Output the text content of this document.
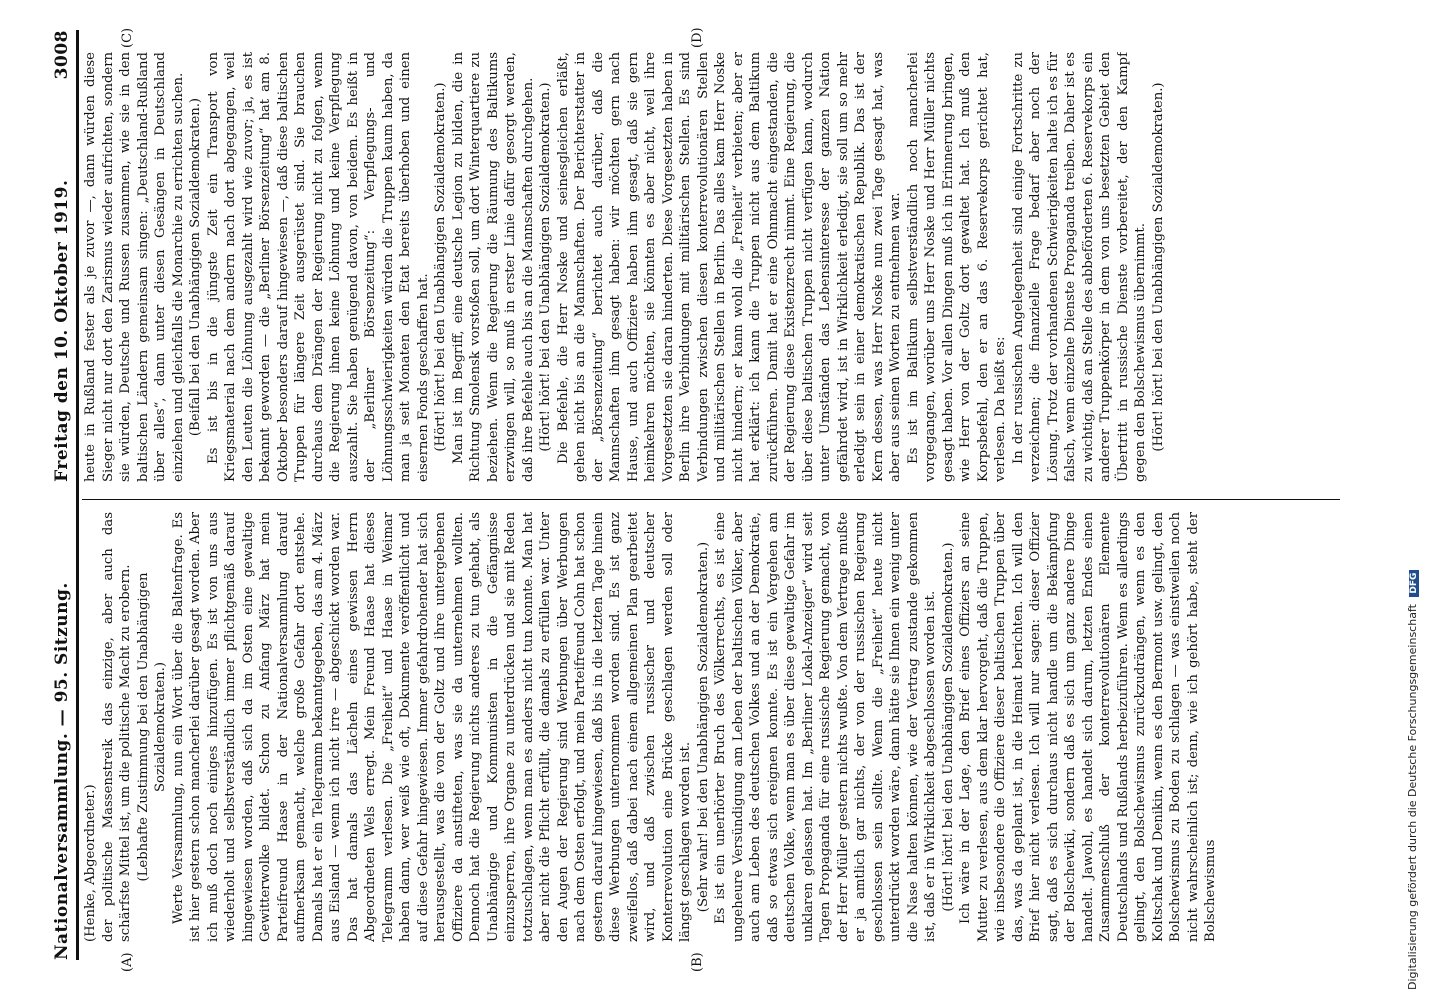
Nationalversammlung. — 95. Sitzung.
Freitag den 10. Oktober 1919.
3008
(A)	(B)
(C)	(D)

(Henke, Abgeordneter.) der politische Massenstreik das einzige, aber auch das schärfste Mittel ist, um die politische Macht zu erobern. (Lebhafte Zustimmung bei den Unabhängigen Sozialdemokraten.) Werte Versammlung, nun ein Wort über die Baltenfrage. Es ist hier gestern schon mancherlei darüber gesagt worden. Aber ich muß doch noch einiges hinzufügen. Es ist von uns aus wiederholt und selbstverständlich immer pflichtgemäß darauf hingewiesen worden, daß sich da im Osten eine gewaltige Gewitterwolke bildet. Schon zu Anfang März hat mein Parteifreund Haase in der Nationalversammlung darauf aufmerksam gemacht, welche große Gefahr dort entstehe. Damals hat er ein Telegramm bekanntgegeben, das am 4. März aus Eisland — wenn ich nicht irre — abgeschickt worden war. Das hat damals das Lächeln eines gewissen Herrn Abgeordneten Wels erregt. Mein Freund Haase hat dieses Telegramm verlesen. Die „Freiheit“ und Haase in Weimar haben dann, wer weiß wie oft, Dokumente veröffentlicht und auf diese Gefahr hingewiesen. Immer gefahrdrohender hat sich herausgestellt, was die von der Goltz und ihre untergebenen Offiziere da anstifteten, was sie da unternehmen wollten. Dennoch hat die Regierung nichts anderes zu tun gehabt, als Unabhängige und Kommunisten in die Gefängnisse einzusperren, ihre Organe zu unterdrücken und sie mit Reden totzuschlagen, wenn man es anders nicht tun konnte. Man hat aber nicht die Pflicht erfüllt, die damals zu erfüllen war. Unter den Augen der Regierung sind Werbungen über Werbungen nach dem Osten erfolgt, und mein Parteifreund Cohn hat schon gestern darauf hingewiesen, daß bis in die letzten Tage hinein diese Werbungen unternommen worden sind. Es ist ganz zweifellos, daß dabei nach einem allgemeinen Plan gearbeitet wird, und daß zwischen russischer und deutscher Konterrevolution eine Brücke geschlagen werden soll oder längst geschlagen worden ist. (Sehr wahr! bei den Unabhängigen Sozialdemokraten.) Es ist ein unerhörter Bruch des Völkerrechts, es ist eine ungeheure Versündigung am Leben der baltischen Völker, aber auch am Leben des deutschen Volkes und an der Demokratie, daß so etwas sich ereignen konnte. Es ist ein Vergehen am deutschen Volke, wenn man es über diese gewaltige Gefahr im unklaren gelassen hat. Im „Berliner Lokal-Anzeiger“ wird seit Tagen Propaganda für eine russische Regierung gemacht, von der Herr Müller gestern nichts wußte. Von dem Vertrage mußte er ja amtlich gar nichts, der von der russischen Regierung geschlossen sein sollte. Wenn die „Freiheit“ heute nicht unterdrückt worden wäre, dann hätte sie Ihnen ein wenig unter die Nase halten können, wie der Vertrag zustande gekommen ist, daß er in Wirklichkeit abgeschlossen worden ist. (Hört! hört! bei den Unabhängigen Sozialdemokraten.) Ich wäre in der Lage, den Brief eines Offiziers an seine Mutter zu verlesen, aus dem klar hervorgeht, daß die Truppen, wie insbesondere die Offiziere dieser baltischen Truppen über das, was da geplant ist, in die Heimat berichten. Ich will den Brief hier nicht verlesen. Ich will nur sagen: dieser Offizier sagt, daß es sich durchaus nicht handle um die Bekämpfung der Bolschewiki, sondern daß es sich um ganz andere Dinge handelt. Jawohl, es handelt sich darum, letzten Endes einen Zusammenschluß der konterrevolutionären Elemente Deutschlands und Rußlands herbeizuführen. Wenn es allerdings gelingt, den Bolschewismus zurückzudrängen, wenn es den Koltschak und Denikin, wenn es den Bermont usw. gelingt, den Bolschewismus zu Boden zu schlagen — was einstweilen noch nicht wahrscheinlich ist; denn, wie ich gehört habe, steht der Bolschewismus

heute in Rußland fester als je zuvor —, dann würden diese Sieger nicht nur dort den Zarismus wieder aufrichten, sondern sie würden, Deutsche und Russen zusammen, wie sie in den baltischen Ländern gemeinsam singen: „Deutschland-Rußland über alles“, dann unter diesen Gesängen in Deutschland einziehen und gleichfalls die Monarchie zu errichten suchen. (Beifall bei den Unabhängigen Sozialdemokraten.) Es ist bis in die jüngste Zeit ein Transport von Kriegsmaterial nach dem andern nach dort abgegangen, weil den Leuten die Löhnung ausgezahlt wird wie zuvor; ja, es ist bekannt geworden — die „Berliner Börsenzeitung“ hat am 8. Oktober besonders darauf hingewiesen —, daß diese baltischen Truppen für längere Zeit ausgerüstet sind. Sie brauchen durchaus dem Drängen der Regierung nicht zu folgen, wenn die Regierung ihnen keine Löhnung und keine Verpflegung auszahlt. Sie haben genügend davon, von beidem. Es heißt in der „Berliner Börsenzeitung“: Verpflegungs- und Löhnungsschwierigkeiten würden die Truppen kaum haben, da man ja seit Monaten den Etat bereits überhoben und einen eisernen Fonds geschaffen hat. (Hört! hört! bei den Unabhängigen Sozialdemokraten.) Man ist im Begriff, eine deutsche Legion zu bilden, die in Richtung Smolensk vorstoßen soll, um dort Winterquartiere zu beziehen. Wenn die Regierung die Räumung des Baltikums erzwingen will, so muß in erster Linie dafür gesorgt werden, daß ihre Befehle auch bis an die Mannschaften durchgehen. (Hört! hört! bei den Unabhängigen Sozialdemokraten.) Die Befehle, die Herr Noske und seinesgleichen erläßt, gehen nicht bis an die Mannschaften. Der Berichterstatter in der „Börsenzeitung“ berichtet auch darüber, daß die Mannschaften ihm gesagt haben: wir möchten gern nach Hause, und auch Offiziere haben ihm gesagt, daß sie gern heimkehren möchten, sie könnten es aber nicht, weil ihre Vorgesetzten sie daran hinderten. Diese Vorgesetzten haben in Berlin ihre Verbindungen mit militärischen Stellen. Es sind Verbindungen zwischen diesen konterrevolutionären Stellen und militärischen Stellen in Berlin. Das alles kam Herr Noske nicht hindern; er kann wohl die „Freiheit“ verbieten; aber er hat erklärt: ich kann die Truppen nicht aus dem Baltikum zurückführen. Damit hat er eine Ohnmacht eingestanden, die der Regierung diese Existenzrecht nimmt. Eine Regierung, die über diese baltischen Truppen nicht verfügen kann, wodurch unter Umständen das Lebensinteresse der ganzen Nation gefährdet wird, ist in Wirklichkeit erledigt, sie soll um so mehr erledigt sein in einer demokratischen Republik. Das ist der Kern dessen, was Herr Noske nun zwei Tage gesagt hat, was aber aus seinen Worten zu entnehmen war. Es ist im Baltikum selbstverständlich noch mancherlei vorgegangen, worüber uns Herr Noske und Herr Müller nichts gesagt haben. Vor allen Dingen muß ich in Erinnerung bringen, wie Herr von der Goltz dort gewaltet hat. Ich muß den Korpsbefehl, den er an das 6. Reservekorps gerichtet hat, verlesen. Da heißt es: In der russischen Angelegenheit sind einige Fortschritte zu verzeichnen; die finanzielle Frage bedarf aber noch der Lösung. Trotz der vorhandenen Schwierigkeiten halte ich es für falsch, wenn einzelne Dienste Propaganda treiben. Daher ist es zu wichtig, daß an Stelle des abbeförderten 6. Reservekorps ein anderer Truppenkörper in dem von uns besetzten Gebiet den Übertritt in russische Dienste vorbereitet, der den Kampf gegen den Bolschewismus übernimmt. (Hört! hört! bei den Unabhängigen Sozialdemokraten.)

Digitalisierung gefördert durch die Deutsche Forschungsgemeinschaft DFG
